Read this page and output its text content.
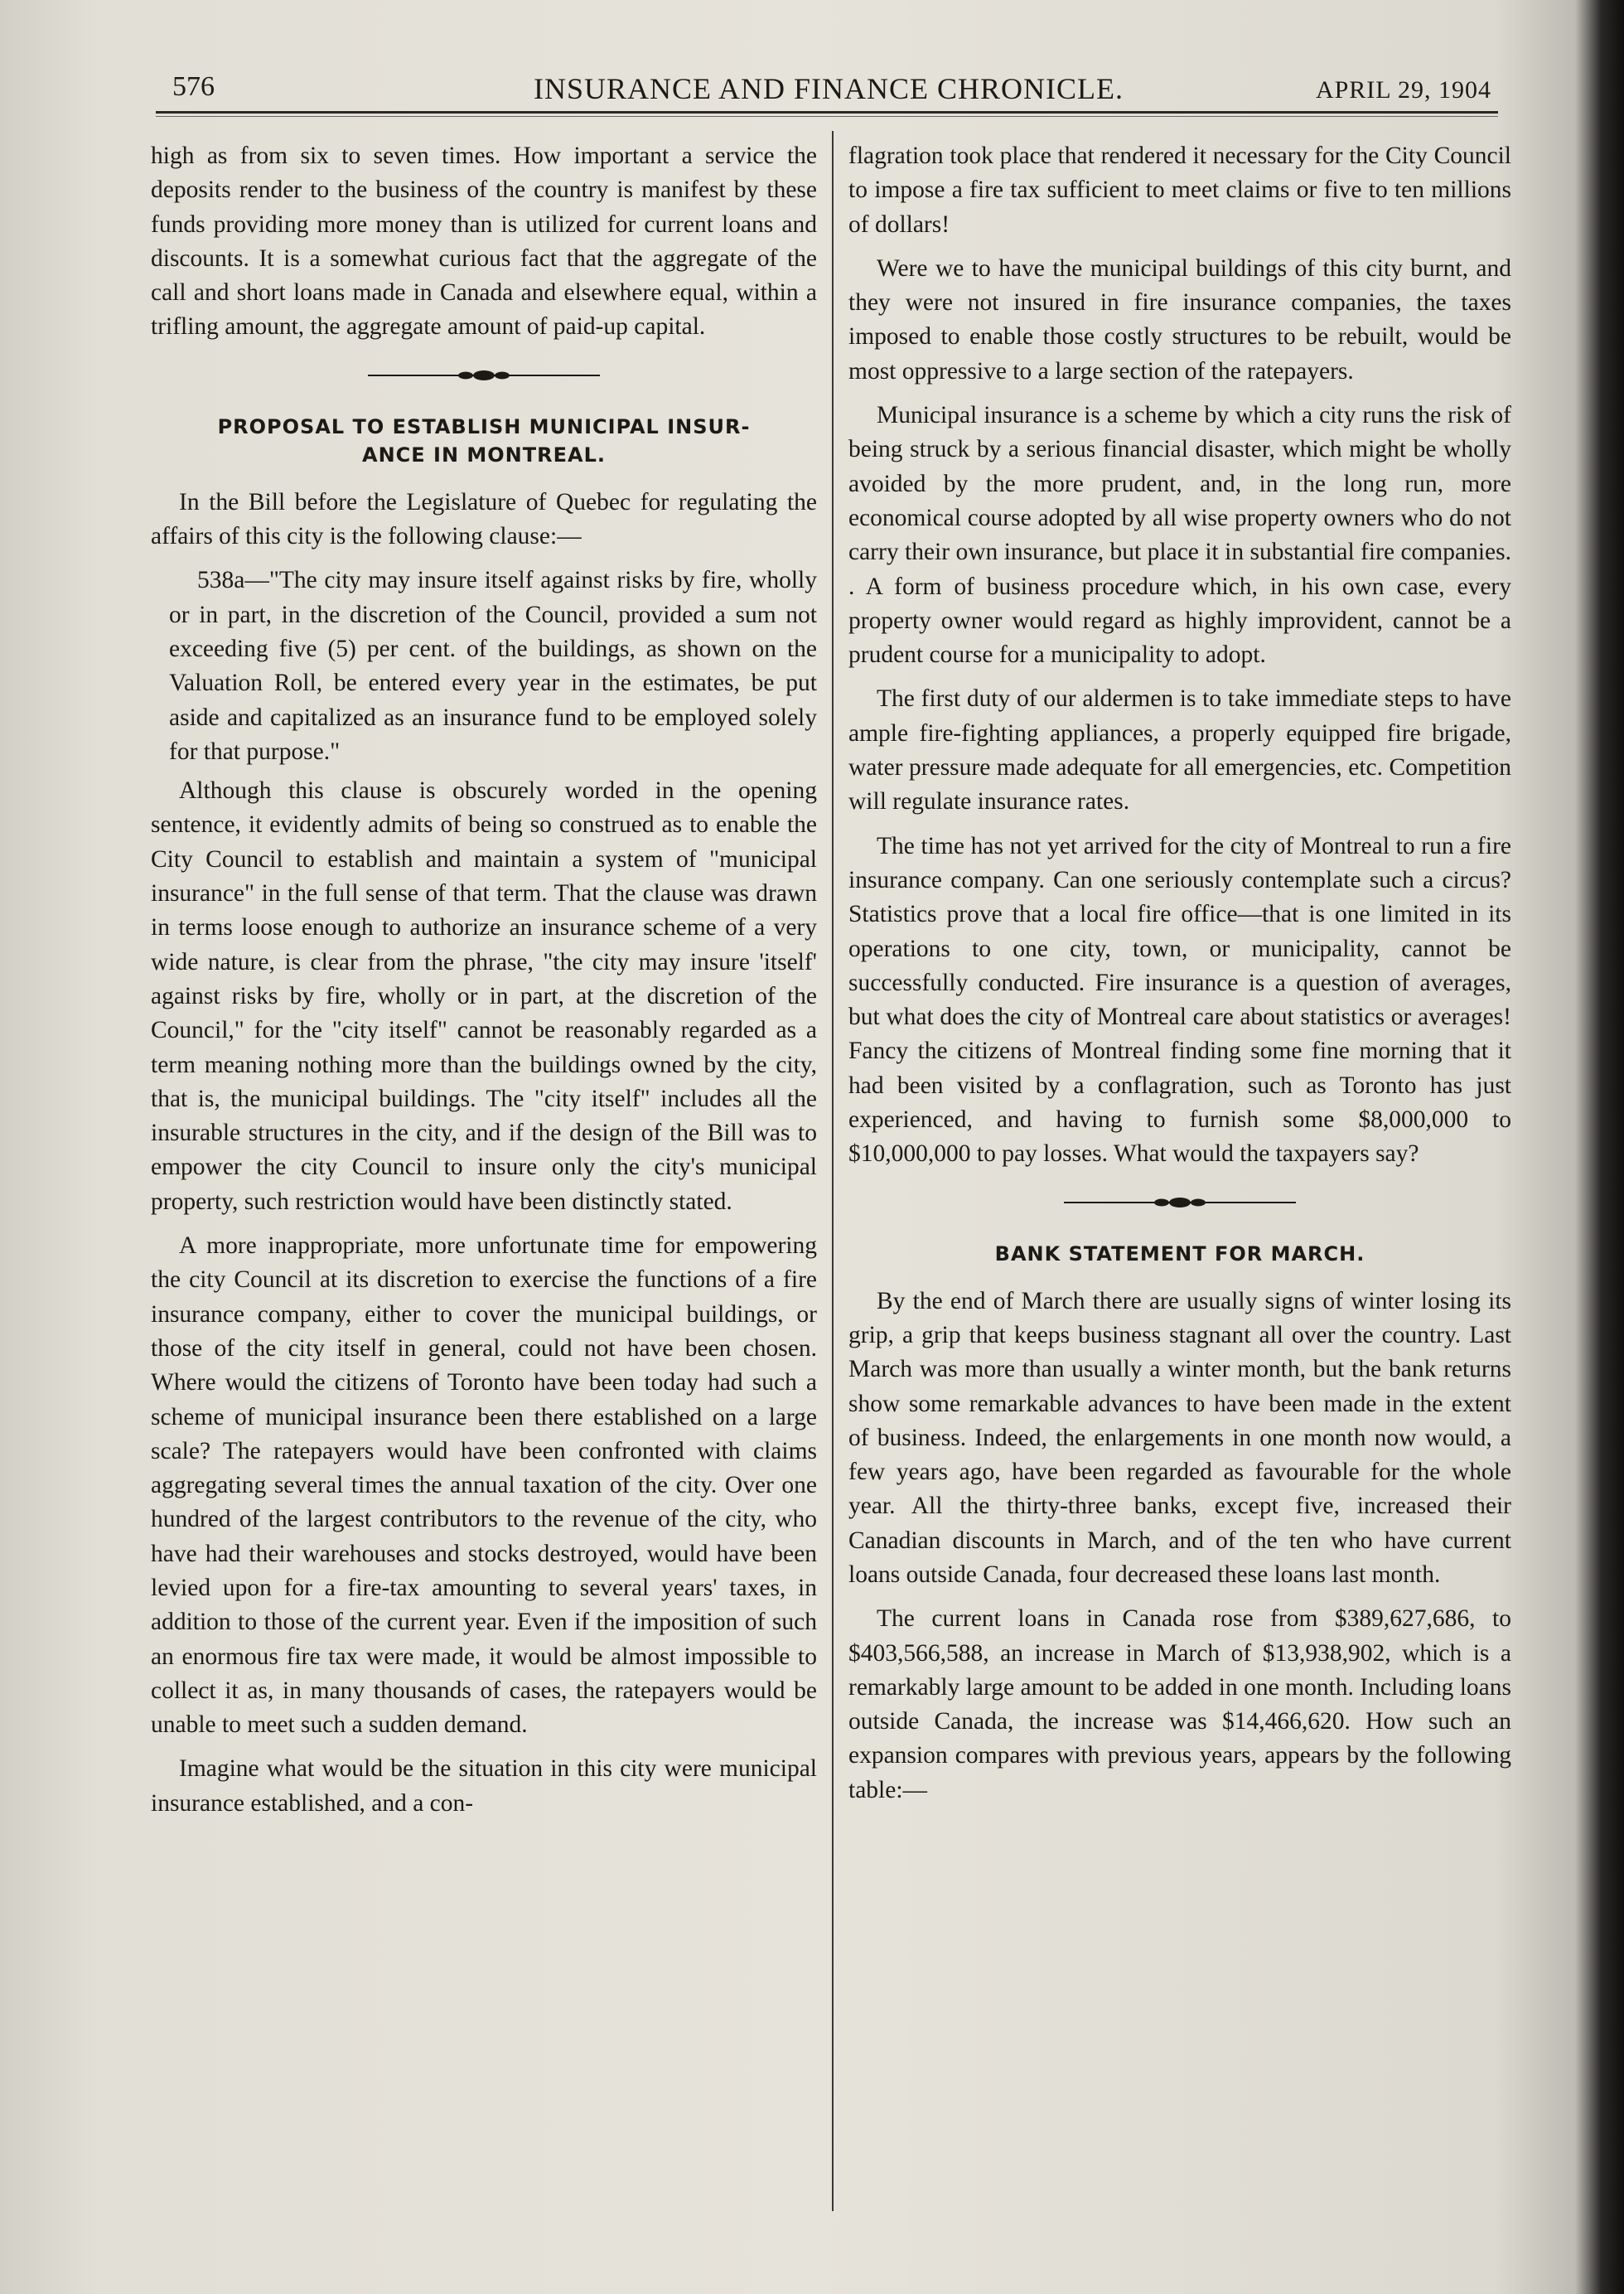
576	INSURANCE AND FINANCE CHRONICLE.	APRIL 29, 1904

high as from six to seven times. How important a service the deposits render to the business of the country is manifest by these funds providing more money than is utilized for current loans and discounts. It is a somewhat curious fact that the aggregate of the call and short loans made in Canada and elsewhere equal, within a trifling amount, the aggregate amount of paid-up capital.

PROPOSAL TO ESTABLISH MUNICIPAL INSUR-
ANCE IN MONTREAL.

In the Bill before the Legislature of Quebec for regulating the affairs of this city is the following clause:—

538a—"The city may insure itself against risks by fire, wholly or in part, in the discretion of the Council, provided a sum not exceeding five (5) per cent. of the buildings, as shown on the Valuation Roll, be entered every year in the estimates, be put aside and capitalized as an insurance fund to be employed solely for that purpose."

Although this clause is obscurely worded in the opening sentence, it evidently admits of being so construed as to enable the City Council to establish and maintain a system of "municipal insurance" in the full sense of that term. That the clause was drawn in terms loose enough to authorize an insurance scheme of a very wide nature, is clear from the phrase, "the city may insure 'itself' against risks by fire, wholly or in part, at the discretion of the Council," for the "city itself" cannot be reasonably regarded as a term meaning nothing more than the buildings owned by the city, that is, the municipal buildings. The "city itself" includes all the insurable structures in the city, and if the design of the Bill was to empower the city Council to insure only the city's municipal property, such restriction would have been distinctly stated.

A more inappropriate, more unfortunate time for empowering the city Council at its discretion to exercise the functions of a fire insurance company, either to cover the municipal buildings, or those of the city itself in general, could not have been chosen. Where would the citizens of Toronto have been today had such a scheme of municipal insurance been there established on a large scale? The ratepayers would have been confronted with claims aggregating several times the annual taxation of the city. Over one hundred of the largest contributors to the revenue of the city, who have had their warehouses and stocks destroyed, would have been levied upon for a fire-tax amounting to several years' taxes, in addition to those of the current year. Even if the imposition of such an enormous fire tax were made, it would be almost impossible to collect it as, in many thousands of cases, the ratepayers would be unable to meet such a sudden demand.

Imagine what would be the situation in this city were municipal insurance established, and a con-

flagration took place that rendered it necessary for the City Council to impose a fire tax sufficient to meet claims or five to ten millions of dollars!

Were we to have the municipal buildings of this city burnt, and they were not insured in fire insurance companies, the taxes imposed to enable those costly structures to be rebuilt, would be most oppressive to a large section of the ratepayers.

Municipal insurance is a scheme by which a city runs the risk of being struck by a serious financial disaster, which might be wholly avoided by the more prudent, and, in the long run, more economical course adopted by all wise property owners who do not carry their own insurance, but place it in substantial fire companies. . A form of business procedure which, in his own case, every property owner would regard as highly improvident, cannot be a prudent course for a municipality to adopt.

The first duty of our aldermen is to take immediate steps to have ample fire-fighting appliances, a properly equipped fire brigade, water pressure made adequate for all emergencies, etc. Competition will regulate insurance rates.

The time has not yet arrived for the city of Montreal to run a fire insurance company. Can one seriously contemplate such a circus? Statistics prove that a local fire office—that is one limited in its operations to one city, town, or municipality, cannot be successfully conducted. Fire insurance is a question of averages, but what does the city of Montreal care about statistics or averages! Fancy the citizens of Montreal finding some fine morning that it had been visited by a conflagration, such as Toronto has just experienced, and having to furnish some $8,000,000 to $10,000,000 to pay losses. What would the taxpayers say?

BANK STATEMENT FOR MARCH.

By the end of March there are usually signs of winter losing its grip, a grip that keeps business stagnant all over the country. Last March was more than usually a winter month, but the bank returns show some remarkable advances to have been made in the extent of business. Indeed, the enlargements in one month now would, a few years ago, have been regarded as favourable for the whole year. All the thirty-three banks, except five, increased their Canadian discounts in March, and of the ten who have current loans outside Canada, four decreased these loans last month.

The current loans in Canada rose from $389,627,686, to $403,566,588, an increase in March of $13,938,902, which is a remarkably large amount to be added in one month. Including loans outside Canada, the increase was $14,466,620. How such an expansion compares with previous years, appears by the following table:—
